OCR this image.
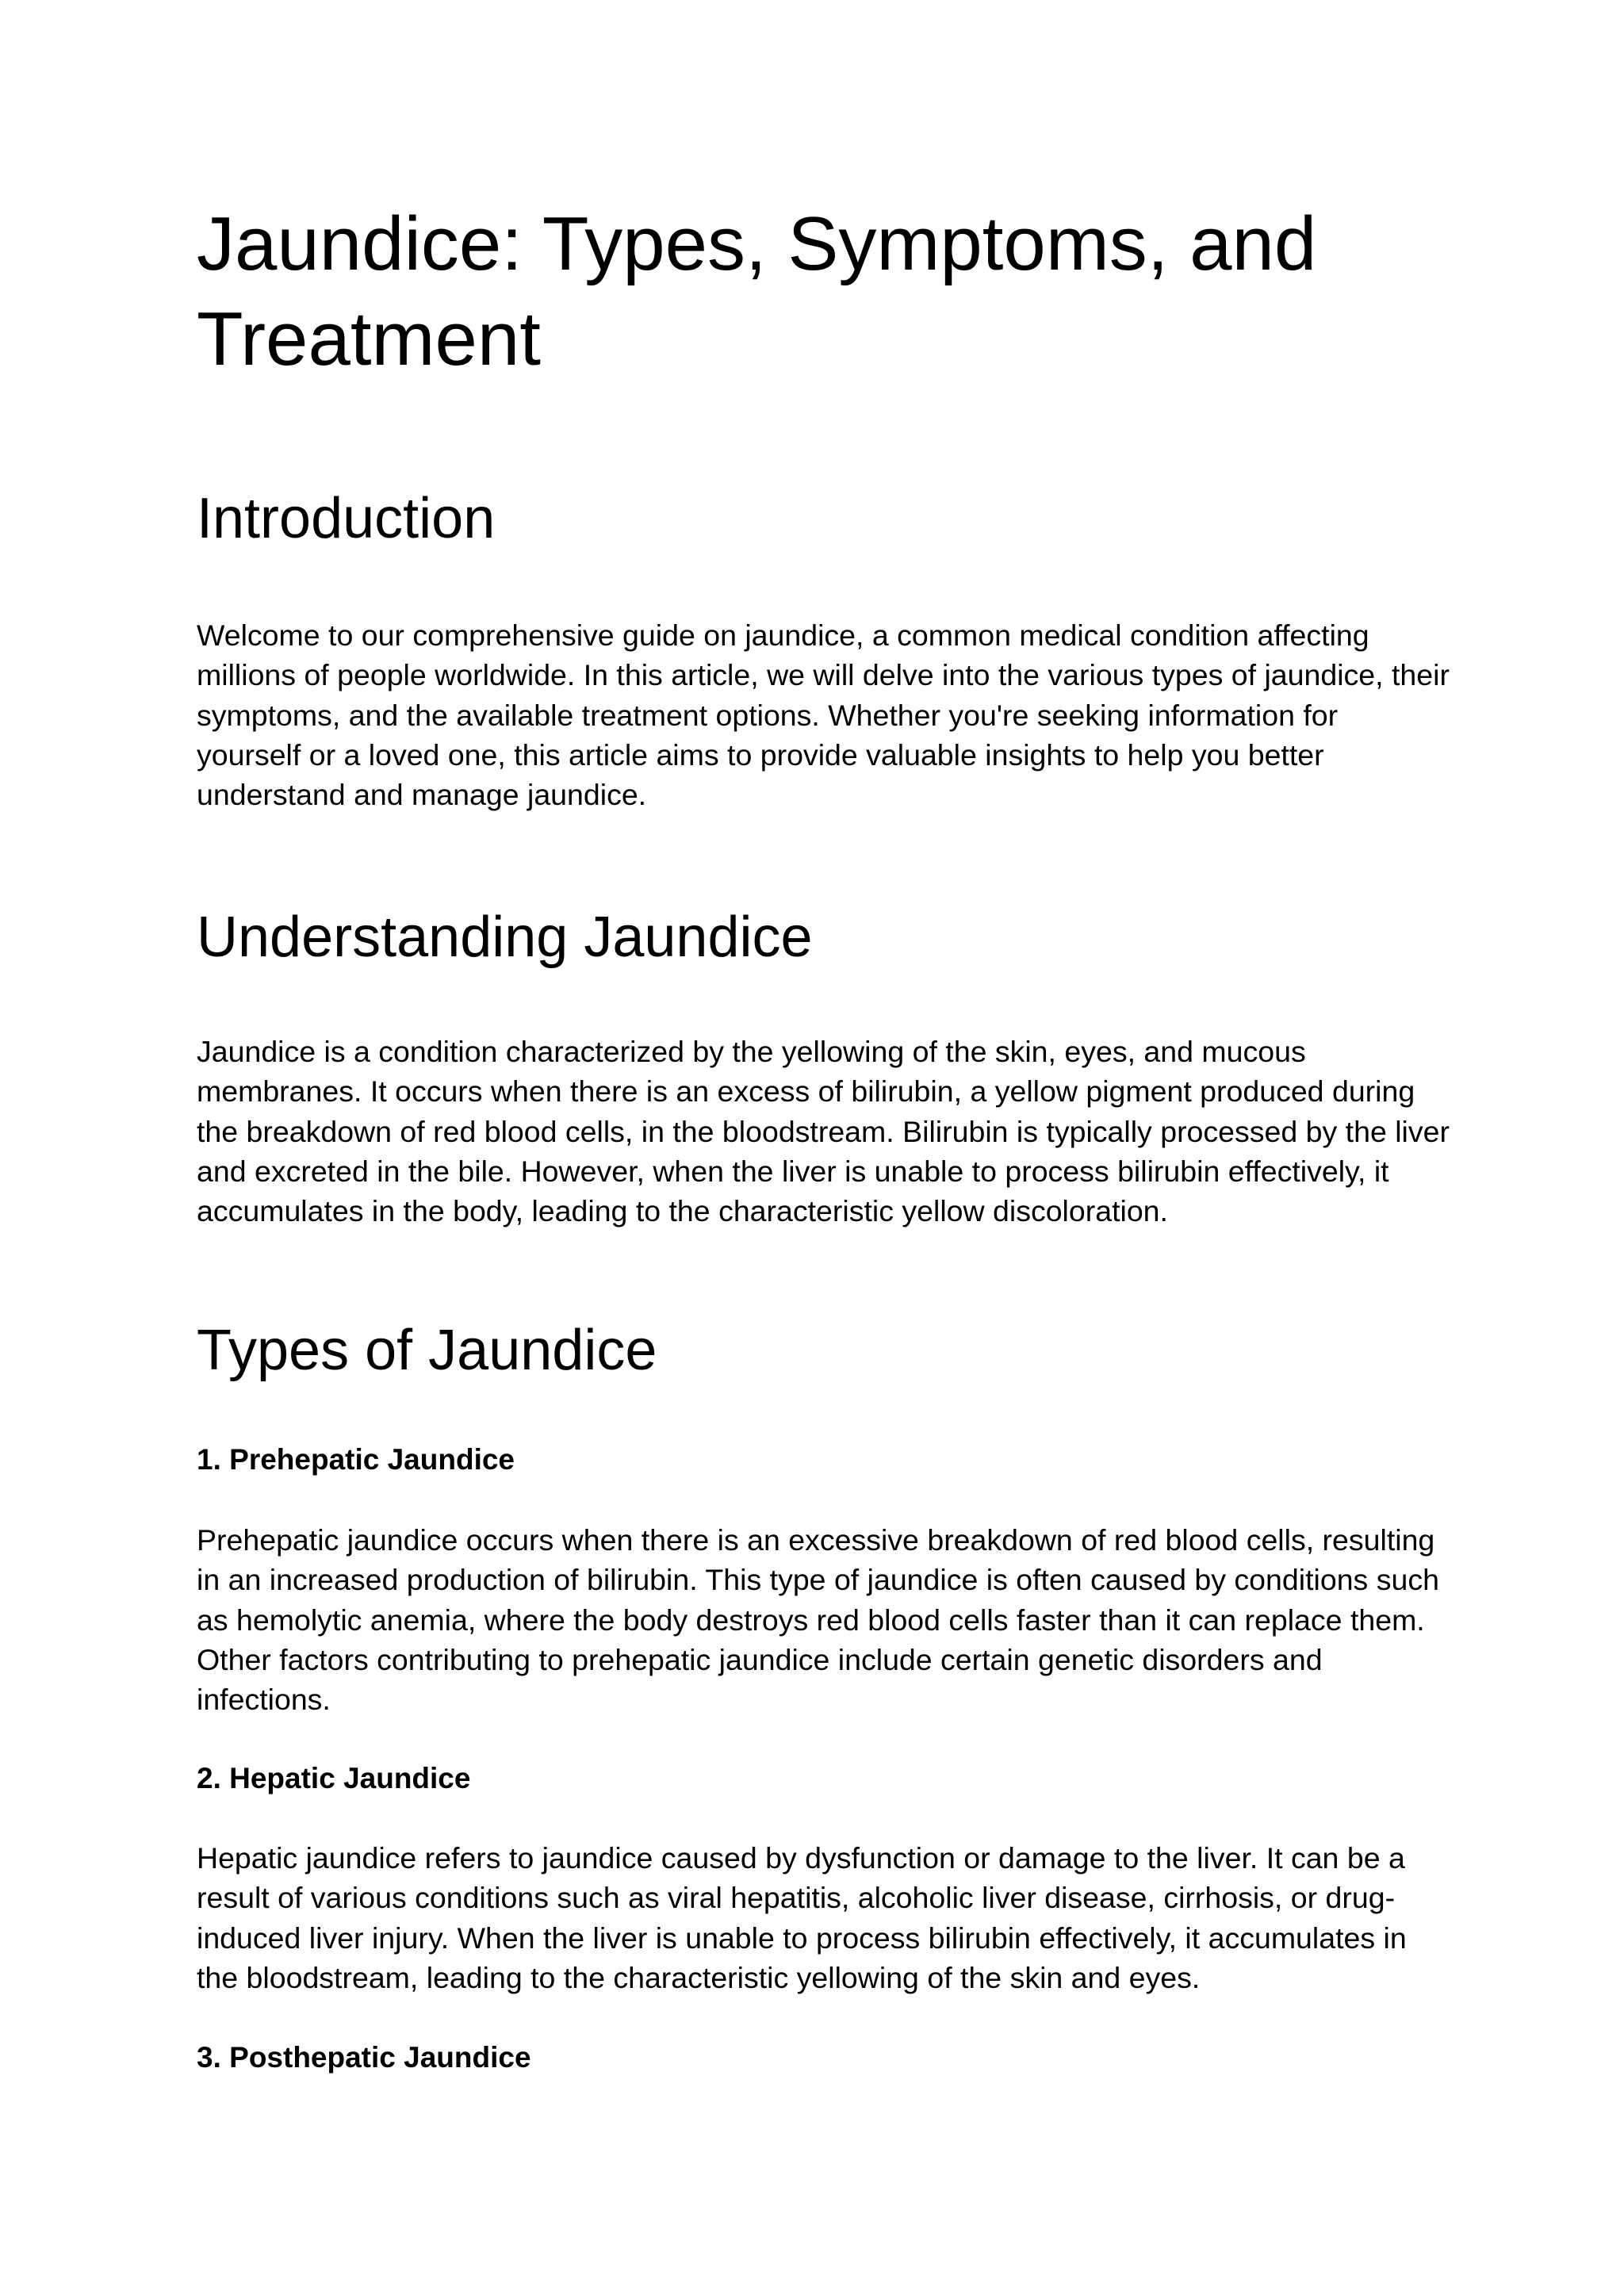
Jaundice: Types, Symptoms, and Treatment
Introduction

Welcome to our comprehensive guide on jaundice, a common medical condition affecting millions of people worldwide. In this article, we will delve into the various types of jaundice, their symptoms, and the available treatment options. Whether you're seeking information for yourself or a loved one, this article aims to provide valuable insights to help you better understand and manage jaundice.

Understanding Jaundice

Jaundice is a condition characterized by the yellowing of the skin, eyes, and mucous membranes. It occurs when there is an excess of bilirubin, a yellow pigment produced during the breakdown of red blood cells, in the bloodstream. Bilirubin is typically processed by the liver and excreted in the bile. However, when the liver is unable to process bilirubin effectively, it accumulates in the body, leading to the characteristic yellow discoloration.

Types of Jaundice
1. Prehepatic Jaundice

Prehepatic jaundice occurs when there is an excessive breakdown of red blood cells, resulting in an increased production of bilirubin. This type of jaundice is often caused by conditions such as hemolytic anemia, where the body destroys red blood cells faster than it can replace them. Other factors contributing to prehepatic jaundice include certain genetic disorders and infections.

2. Hepatic Jaundice

Hepatic jaundice refers to jaundice caused by dysfunction or damage to the liver. It can be a result of various conditions such as viral hepatitis, alcoholic liver disease, cirrhosis, or drug-induced liver injury. When the liver is unable to process bilirubin effectively, it accumulates in the bloodstream, leading to the characteristic yellowing of the skin and eyes.

3. Posthepatic Jaundice
